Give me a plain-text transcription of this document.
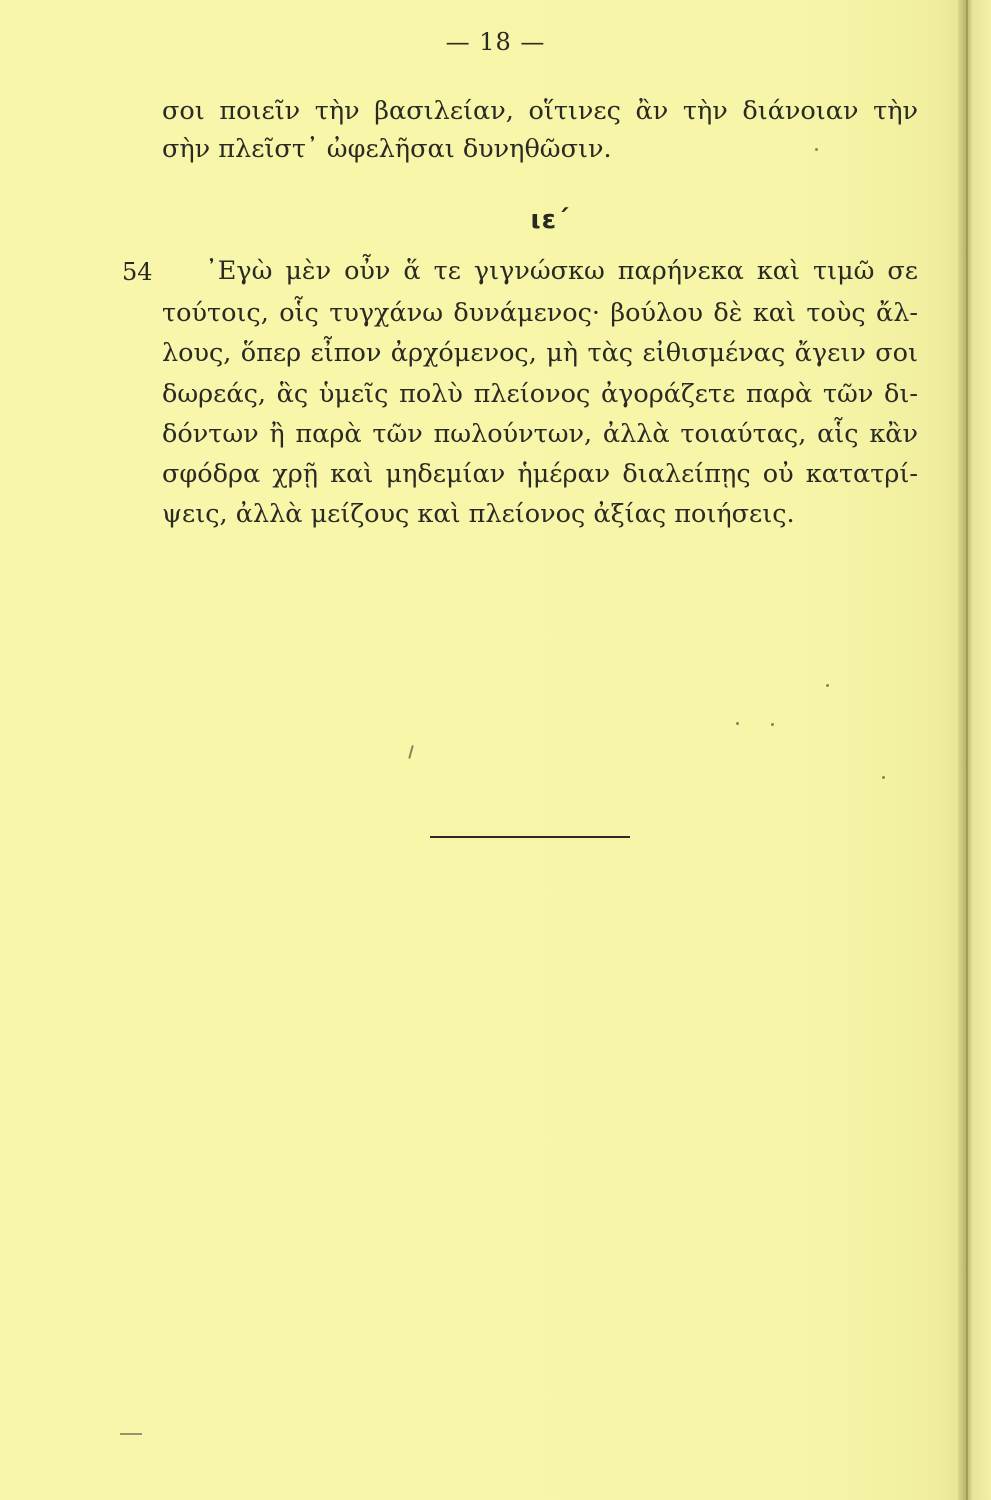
— 18 —
σοι ποιεῖν τὴν βασιλείαν, οἵτινες ἂν τὴν διάνοιαν τὴν
σὴν πλεῖστ᾽ ὠφελῆσαι δυνηθῶσιν.
ιε΄
54 ᾽Εγὼ μὲν οὖν ἅ τε γιγνώσκω παρήνεκα καὶ τιμῶ σε
τούτοις, οἷς τυγχάνω δυνάμενος· βούλου δὲ καὶ τοὺς ἄλ-
λους, ὅπερ εἶπον ἀρχόμενος, μὴ τὰς εἰθισμένας ἄγειν σοι
δωρεάς, ἃς ὑμεῖς πολὺ πλείονος ἀγοράζετε παρὰ τῶν δι-
δόντων ἢ παρὰ τῶν πωλούντων, ἀλλὰ τοιαύτας, αἷς κἂν
σφόδρα χρῇ καὶ μηδεμίαν ἡμέραν διαλείπῃς οὐ κατατρί-
ψεις, ἀλλὰ μείζους καὶ πλείονος ἀξίας ποιήσεις.
